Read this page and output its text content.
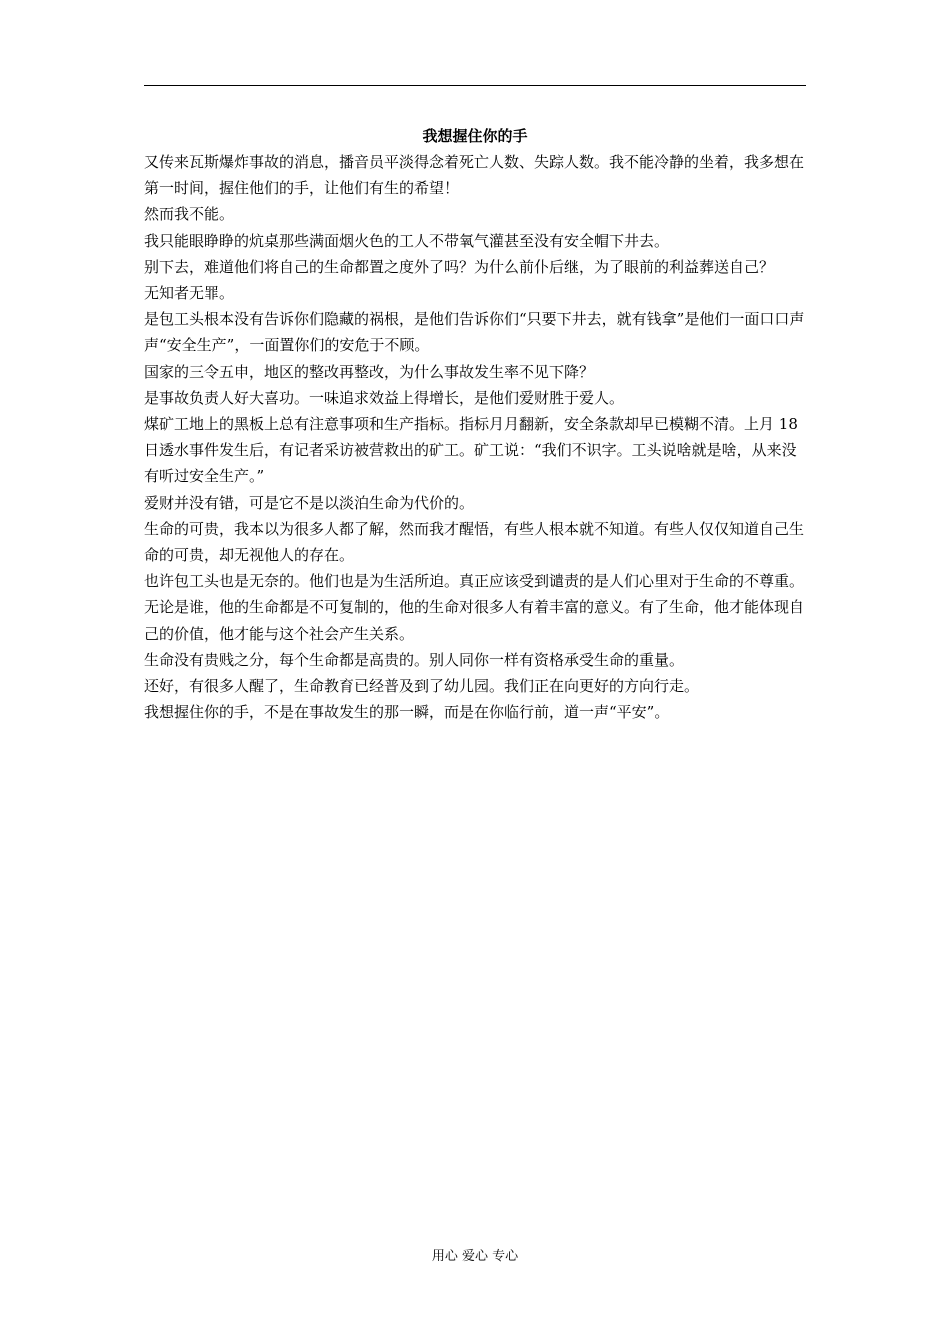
我想握住你的手

又传来瓦斯爆炸事故的消息，播音员平淡得念着死亡人数、失踪人数。我不能冷静的坐着，我多想在第一时间，握住他们的手，让他们有生的希望！

然而我不能。

我只能眼睁睁的炕桌那些满面烟火色的工人不带氧气灌甚至没有安全帽下井去。

别下去，难道他们将自己的生命都置之度外了吗？为什么前仆后继，为了眼前的利益葬送自己？

无知者无罪。

是包工头根本没有告诉你们隐藏的祸根，是他们告诉你们“只要下井去，就有钱拿”是他们一面口口声声“安全生产”，一面置你们的安危于不顾。

国家的三令五申，地区的整改再整改，为什么事故发生率不见下降？

是事故负责人好大喜功。一味追求效益上得增长，是他们爱财胜于爱人。

煤矿工地上的黑板上总有注意事项和生产指标。指标月月翻新，安全条款却早已模糊不清。上月 18 日透水事件发生后，有记者采访被营救出的矿工。矿工说：“我们不识字。工头说啥就是啥，从来没有听过安全生产。”

爱财并没有错，可是它不是以淡泊生命为代价的。

生命的可贵，我本以为很多人都了解，然而我才醒悟，有些人根本就不知道。有些人仅仅知道自己生命的可贵，却无视他人的存在。

也许包工头也是无奈的。他们也是为生活所迫。真正应该受到谴责的是人们心里对于生命的不尊重。

无论是谁，他的生命都是不可复制的，他的生命对很多人有着丰富的意义。有了生命，他才能体现自己的价值，他才能与这个社会产生关系。

生命没有贵贱之分，每个生命都是高贵的。别人同你一样有资格承受生命的重量。

还好，有很多人醒了，生命教育已经普及到了幼儿园。我们正在向更好的方向行走。

我想握住你的手，不是在事故发生的那一瞬，而是在你临行前，道一声“平安”。

用心 爱心 专心
